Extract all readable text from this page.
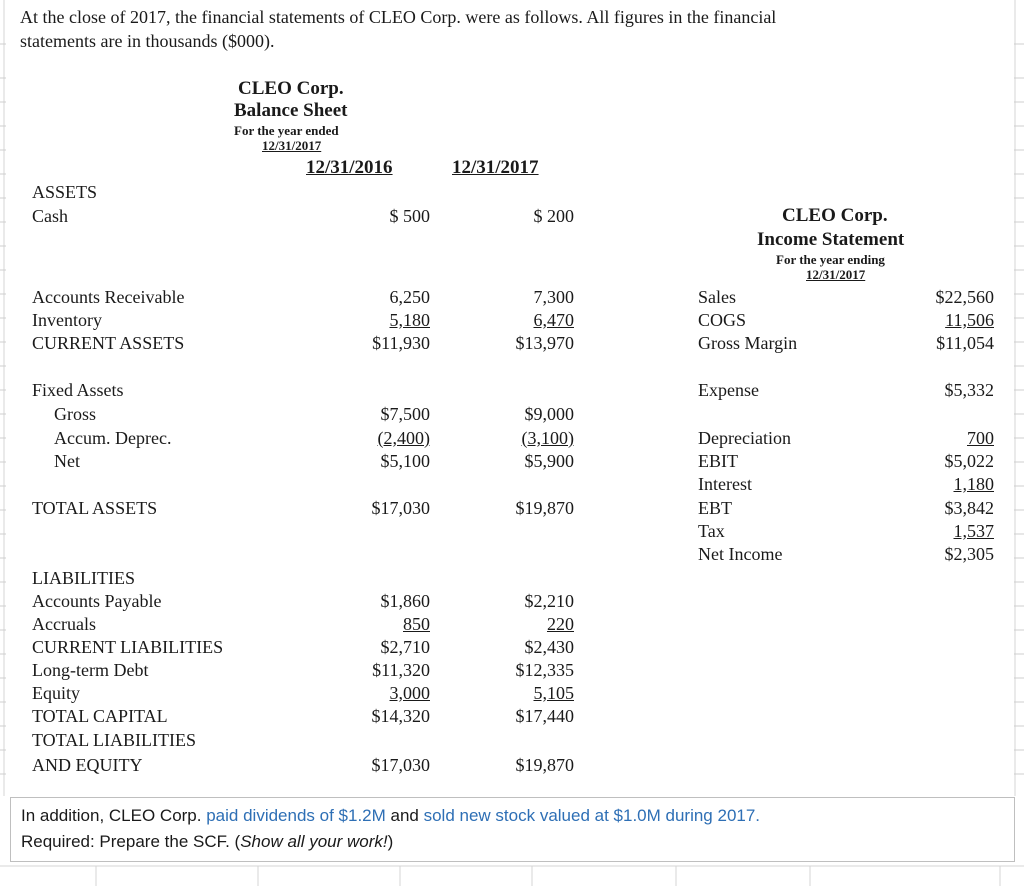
At the close of 2017, the financial statements of CLEO Corp. were as follows. All figures in the financial
statements are in thousands ($000).
CLEO Corp.
Balance Sheet
For the year ended
12/31/2017
12/31/2016	12/31/2017
ASSETS
Cash	$ 500	$ 200
Accounts Receivable	6,250	7,300
Inventory	5,180	6,470
CURRENT ASSETS	$11,930	$13,970
Fixed Assets
Gross	$7,500	$9,000
Accum. Deprec.	(2,400)	(3,100)
Net	$5,100	$5,900
TOTAL ASSETS	$17,030	$19,870
LIABILITIES
Accounts Payable	$1,860	$2,210
Accruals	850	220
CURRENT LIABILITIES	$2,710	$2,430
Long-term Debt	$11,320	$12,335
Equity	3,000	5,105
TOTAL CAPITAL	$14,320	$17,440
TOTAL LIABILITIES
AND EQUITY	$17,030	$19,870
CLEO Corp.
Income Statement
For the year ending
12/31/2017
Sales	$22,560
COGS	11,506
Gross Margin	$11,054
Expense	$5,332
Depreciation	700
EBIT	$5,022
Interest	1,180
EBT	$3,842
Tax	1,537
Net Income	$2,305
In addition, CLEO Corp. paid dividends of $1.2M and sold new stock valued at $1.0M during 2017.
Required: Prepare the SCF. (Show all your work!)
